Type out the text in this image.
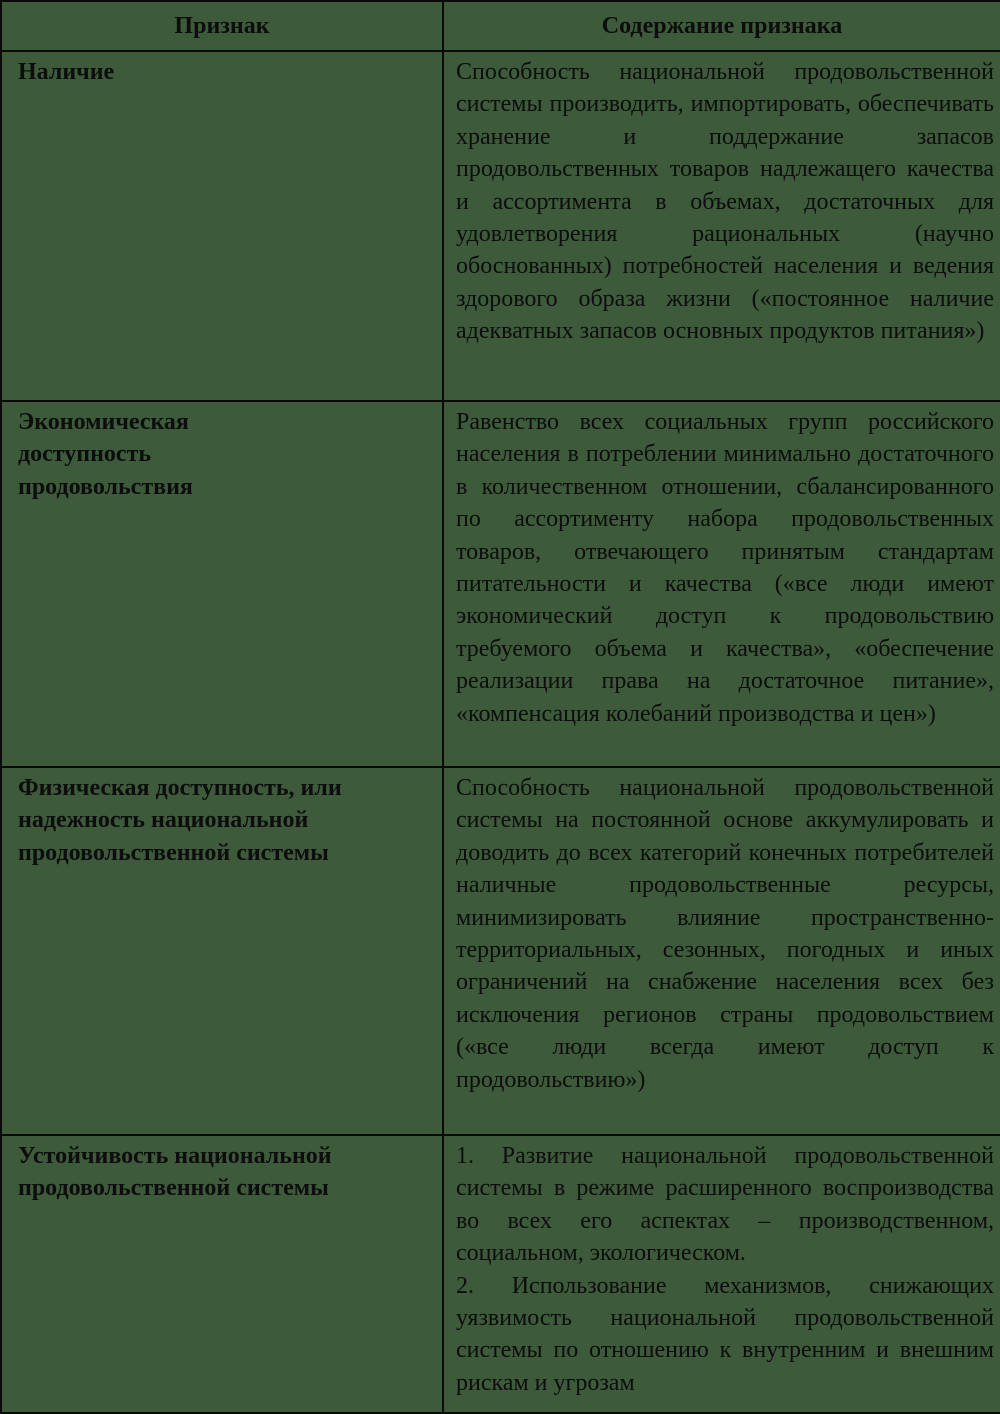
Признак	Содержание признака
Наличие	Способность национальной продовольственной системы производить, импортировать, обеспечивать хранение и поддержание запасов продовольственных товаров надлежащего качества и ассортимента в объемах, достаточных для удовлетворения рациональных (научно обоснованных) потребностей населения и ведения здорового образа жизни («постоянное наличие адекватных запасов основных продуктов питания»)

Экономическая доступность продовольствия	Равенство всех социальных групп российского населения в потреблении минимально достаточного в количественном отношении, сбалансированного по ассортименту набора продовольственных товаров, отвечающего принятым стандартам питательности и качества («все люди имеют экономический доступ к продовольствию требуемого объема и качества», «обеспечение реализации права на достаточное питание», «компенсация колебаний производства и цен»)

Физическая доступность, или надежность национальной продовольственной системы	Способность национальной продовольственной системы на постоянной основе аккумулировать и доводить до всех категорий конечных потребителей наличные продовольственные ресурсы, минимизировать влияние пространственно-территориальных, сезонных, погодных и иных ограничений на снабжение населения всех без исключения регионов страны продовольствием («все люди всегда имеют доступ к продовольствию»)

Устойчивость национальной продовольственной системы	1. Развитие национальной продовольственной системы в режиме расширенного воспроизводства во всех его аспектах – производственном, социальном, экологическом.
2. Использование механизмов, снижающих уязвимость национальной продовольственной системы по отношению к внутренним и внешним рискам и угрозам
